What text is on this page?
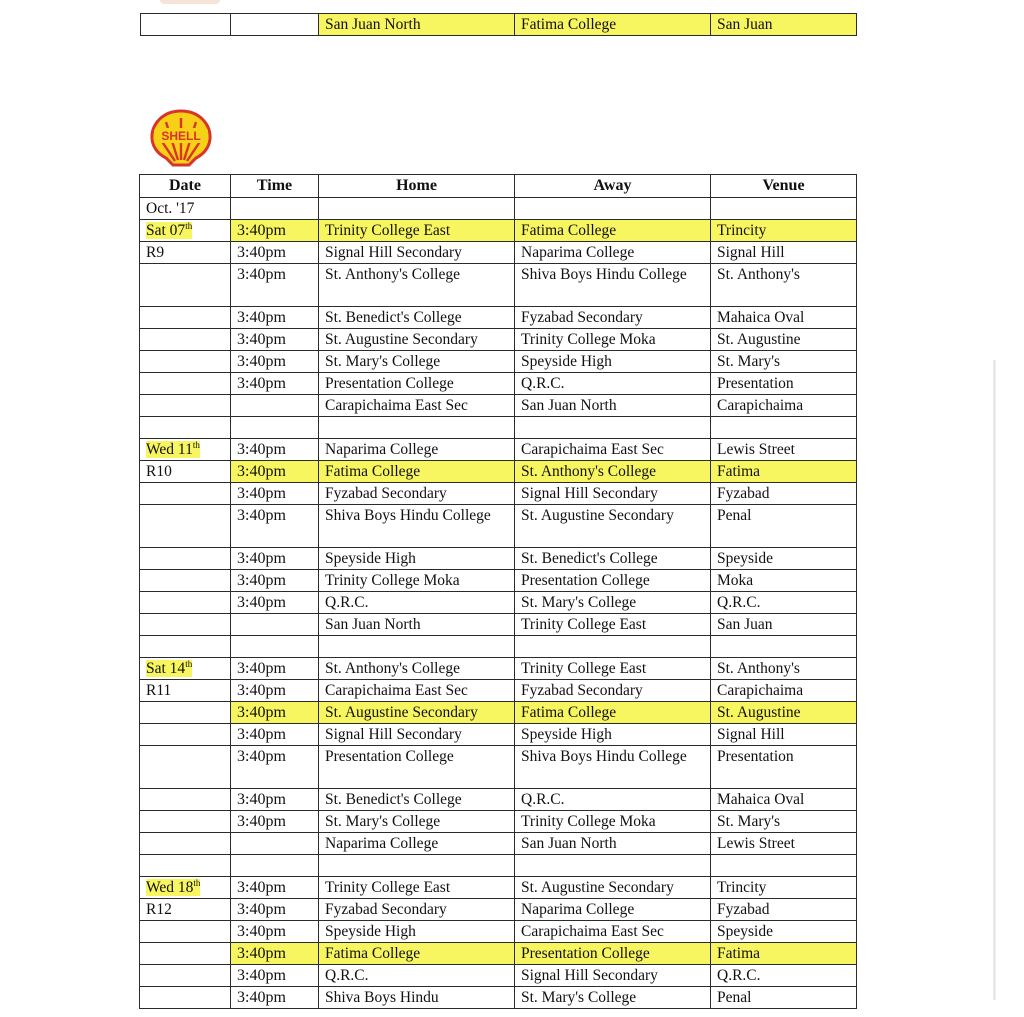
		San Juan North	Fatima College	San Juan
SHELL
Date	Time	Home	Away	Venue
Oct. '17				
Sat 07th	3:40pm	Trinity College East	Fatima College	Trincity
R9	3:40pm	Signal Hill Secondary	Naparima College	Signal Hill
	3:40pm	St. Anthony's College	Shiva Boys Hindu College	St. Anthony's
	3:40pm	St. Benedict's College	Fyzabad Secondary	Mahaica Oval
	3:40pm	St. Augustine Secondary	Trinity College Moka	St. Augustine
	3:40pm	St. Mary's College	Speyside High	St. Mary's
	3:40pm	Presentation College	Q.R.C.	Presentation
		Carapichaima East Sec	San Juan North	Carapichaima

Wed 11th	3:40pm	Naparima College	Carapichaima East Sec	Lewis Street
R10	3:40pm	Fatima College	St. Anthony's College	Fatima
	3:40pm	Fyzabad Secondary	Signal Hill Secondary	Fyzabad
	3:40pm	Shiva Boys Hindu College	St. Augustine Secondary	Penal
	3:40pm	Speyside High	St. Benedict's College	Speyside
	3:40pm	Trinity College Moka	Presentation College	Moka
	3:40pm	Q.R.C.	St. Mary's College	Q.R.C.
		San Juan North	Trinity College East	San Juan

Sat 14th	3:40pm	St. Anthony's College	Trinity College East	St. Anthony's
R11	3:40pm	Carapichaima East Sec	Fyzabad Secondary	Carapichaima
	3:40pm	St. Augustine Secondary	Fatima College	St. Augustine
	3:40pm	Signal Hill Secondary	Speyside High	Signal Hill
	3:40pm	Presentation College	Shiva Boys Hindu College	Presentation
	3:40pm	St. Benedict's College	Q.R.C.	Mahaica Oval
	3:40pm	St. Mary's College	Trinity College Moka	St. Mary's
		Naparima College	San Juan North	Lewis Street

Wed 18th	3:40pm	Trinity College East	St. Augustine Secondary	Trincity
R12	3:40pm	Fyzabad Secondary	Naparima College	Fyzabad
	3:40pm	Speyside High	Carapichaima East Sec	Speyside
	3:40pm	Fatima College	Presentation College	Fatima
	3:40pm	Q.R.C.	Signal Hill Secondary	Q.R.C.
	3:40pm	Shiva Boys Hindu	St. Mary's College	Penal
